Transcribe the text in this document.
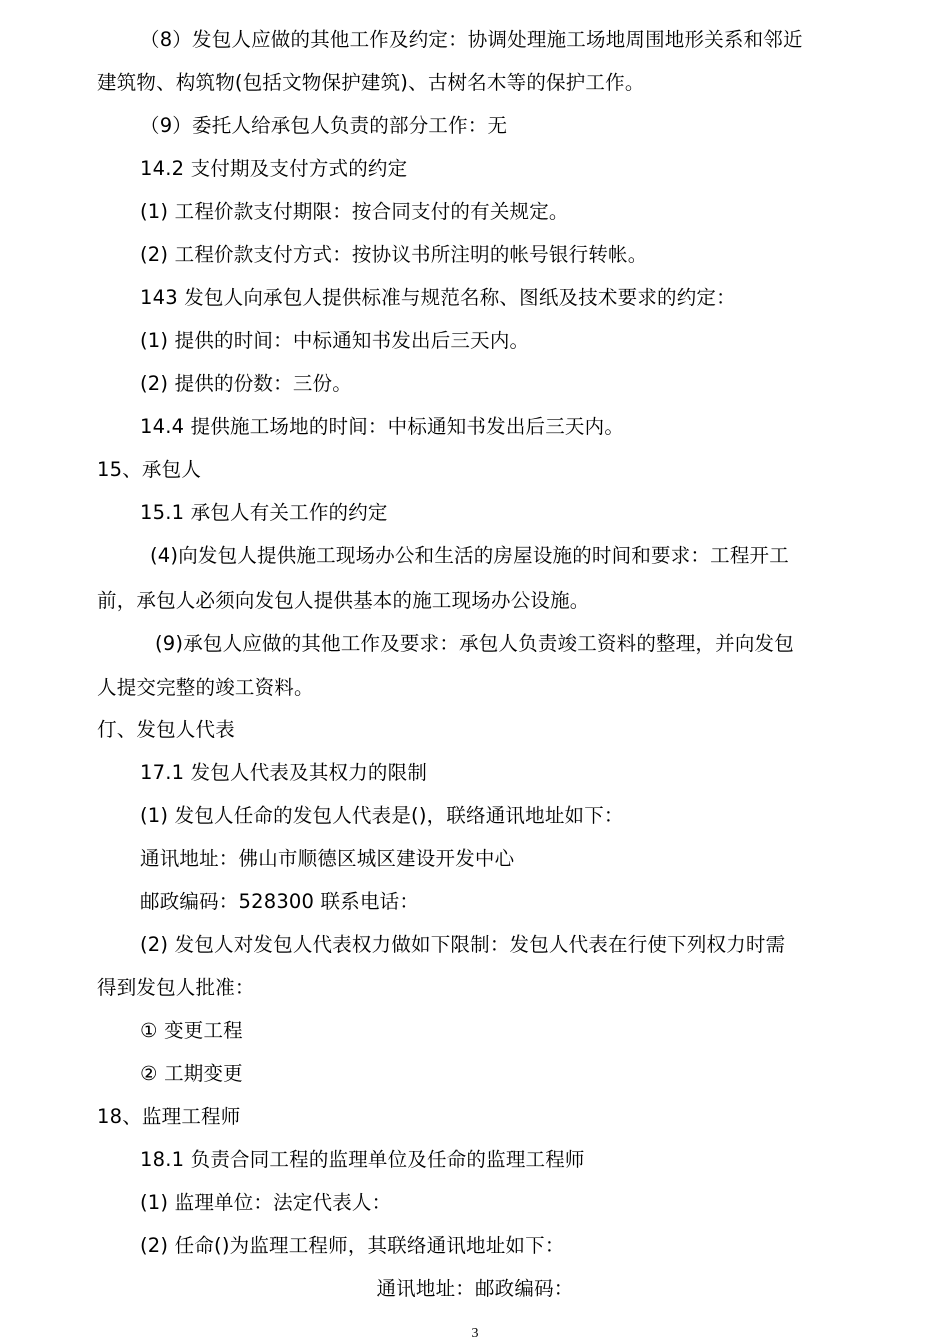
（8）发包人应做的其他工作及约定：协调处理施工场地周围地形关系和邻近
建筑物、构筑物(包括文物保护建筑)、古树名木等的保护工作。
（9）委托人给承包人负责的部分工作：无
14.2 支付期及支付方式的约定
(1) 工程价款支付期限：按合同支付的有关规定。
(2) 工程价款支付方式：按协议书所注明的帐号银行转帐。
143 发包人向承包人提供标准与规范名称、图纸及技术要求的约定：
(1) 提供的时间：中标通知书发出后三天内。
(2) 提供的份数：三份。
14.4 提供施工场地的时间：中标通知书发出后三天内。
15、承包人
15.1 承包人有关工作的约定
(4)向发包人提供施工现场办公和生活的房屋设施的时间和要求：工程开工
前，承包人必须向发包人提供基本的施工现场办公设施。
(9)承包人应做的其他工作及要求：承包人负责竣工资料的整理，并向发包
人提交完整的竣工资料。
仃、发包人代表
17.1 发包人代表及其权力的限制
(1) 发包人任命的发包人代表是()，联络通讯地址如下：
通讯地址：佛山市顺德区城区建设开发中心
邮政编码：528300 联系电话：
(2) 发包人对发包人代表权力做如下限制：发包人代表在行使下列权力时需
得到发包人批准：
① 变更工程
② 工期变更
18、监理工程师
18.1 负责合同工程的监理单位及任命的监理工程师
(1) 监理单位：法定代表人：
(2) 任命()为监理工程师，其联络通讯地址如下：
通讯地址：邮政编码：
3
